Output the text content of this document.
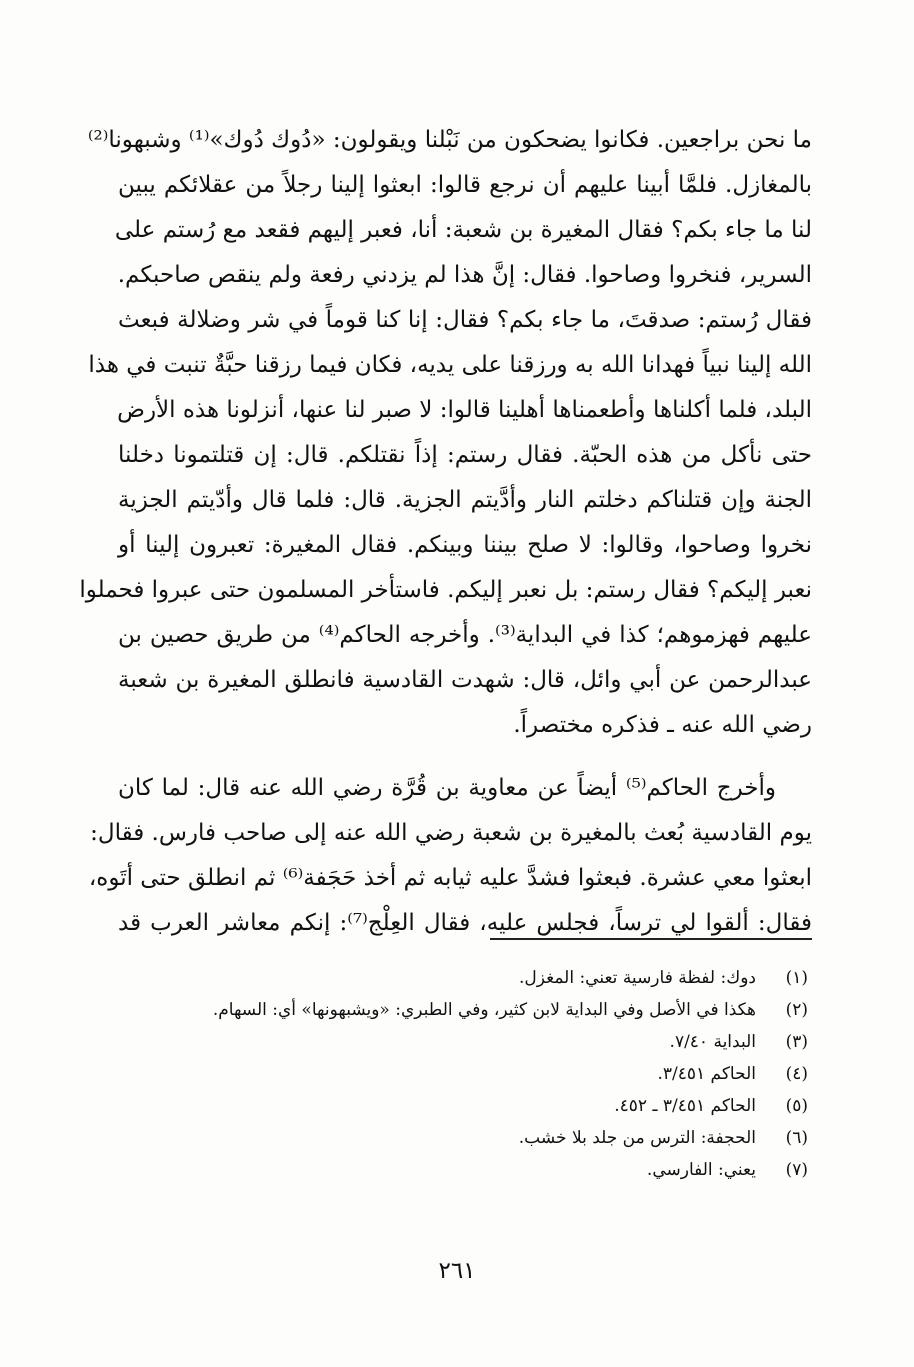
ما نحن براجعين. فكانوا يضحكون من نَبْلنا ويقولون: «دُوك دُوك»⁽¹⁾ وشبهونا⁽²⁾
بالمغازل. فلمَّا أبينا عليهم أن نرجع قالوا: ابعثوا إلينا رجلاً من عقلائكم يبين
لنا ما جاء بكم؟ فقال المغيرة بن شعبة: أنا، فعبر إليهم فقعد مع رُستم على
السرير، فنخروا وصاحوا. فقال: إنَّ هذا لم يزدني رفعة ولم ينقص صاحبكم.
فقال رُستم: صدقتَ، ما جاء بكم؟ فقال: إنا كنا قوماً في شر وضلالة فبعث
الله إلينا نبياً فهدانا الله به ورزقنا على يديه، فكان فيما رزقنا حبَّةٌ تنبت في هذا
البلد، فلما أكلناها وأطعمناها أهلينا قالوا: لا صبر لنا عنها، أنزلونا هذه الأرض
حتى نأكل من هذه الحبّة. فقال رستم: إذاً نقتلكم. قال: إن قتلتمونا دخلنا
الجنة وإن قتلناكم دخلتم النار وأدَّيتم الجزية. قال: فلما قال وأدّيتم الجزية
نخروا وصاحوا، وقالوا: لا صلح بيننا وبينكم. فقال المغيرة: تعبرون إلينا أو
نعبر إليكم؟ فقال رستم: بل نعبر إليكم. فاستأخر المسلمون حتى عبروا فحملوا
عليهم فهزموهم؛ كذا في البداية⁽³⁾. وأخرجه الحاكم⁽⁴⁾ من طريق حصين بن
عبدالرحمن عن أبي وائل، قال: شهدت القادسية فانطلق المغيرة بن شعبة
رضي الله عنه ـ فذكره مختصراً.
وأخرج الحاكم⁽⁵⁾ أيضاً عن معاوية بن قُرَّة رضي الله عنه قال: لما كان
يوم القادسية بُعث بالمغيرة بن شعبة رضي الله عنه إلى صاحب فارس. فقال:
ابعثوا معي عشرة. فبعثوا فشدَّ عليه ثيابه ثم أخذ حَجَفة⁽⁶⁾ ثم انطلق حتى أتَوه،
فقال: ألقوا لي ترساً، فجلس عليه، فقال العِلْج⁽⁷⁾: إنكم معاشر العرب قد
(١)
دوك: لفظة فارسية تعني: المغزل.
(٢)
هكذا في الأصل وفي البداية لابن كثير، وفي الطبري: «ويشبهونها» أي: السهام.
(٣)
البداية ٧/٤٠.
(٤)
الحاكم ٣/٤٥١.
(٥)
الحاكم ٣/٤٥١ ـ ٤٥٢.
(٦)
الحجفة: الترس من جلد بلا خشب.
(٧)
يعني: الفارسي.
٢٦١
